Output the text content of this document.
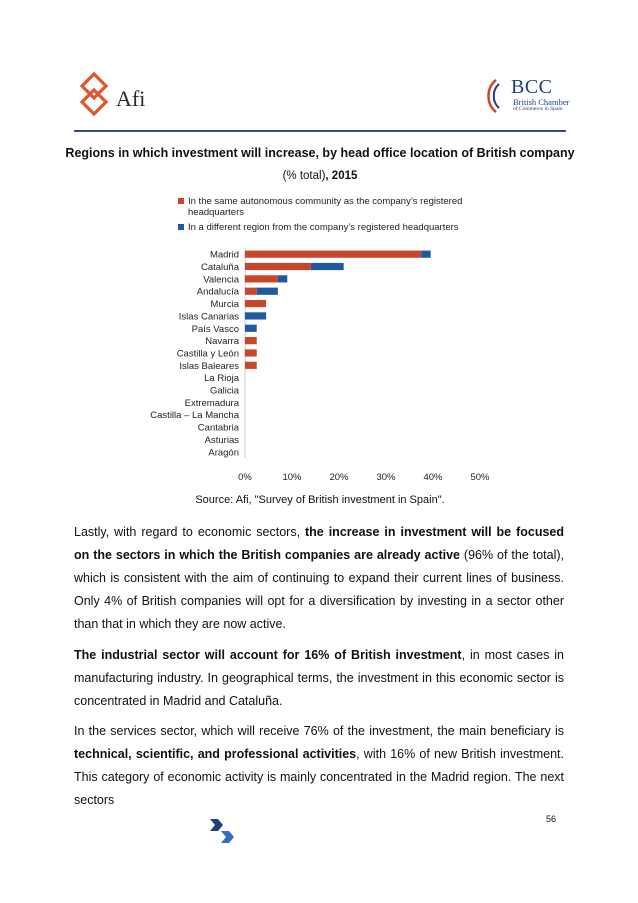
Afi	BCC
British Chamber
of Commerce in Spain
Regions in which investment will increase, by head office location of British company
(% total), 2015
In the same autonomous community as the company’s registered
headquarters
In a different region from the company’s registered headquarters
Madrid
Cataluña
Valencia
Andalucía
Murcia
Islas Canarias
País Vasco
Navarra
Castilla y León
Islas Baleares
La Rioja
Galicia
Extremadura
Castilla – La Mancha
Cantabria
Asturias
Aragón
0%	10%	20%	30%	40%	50%
Source: Afi, "Survey of British investment in Spain".
Lastly, with regard to economic sectors, the increase in investment will be focused on the sectors in which the British companies are already active (96% of the total), which is consistent with the aim of continuing to expand their current lines of business. Only 4% of British companies will opt for a diversification by investing in a sector other than that in which they are now active.
The industrial sector will account for 16% of British investment, in most cases in manufacturing industry. In geographical terms, the investment in this economic sector is concentrated in Madrid and Cataluña.
In the services sector, which will receive 76% of the investment, the main beneficiary is technical, scientific, and professional activities, with 16% of new British investment. This category of economic activity is mainly concentrated in the Madrid region. The next sectors
56
